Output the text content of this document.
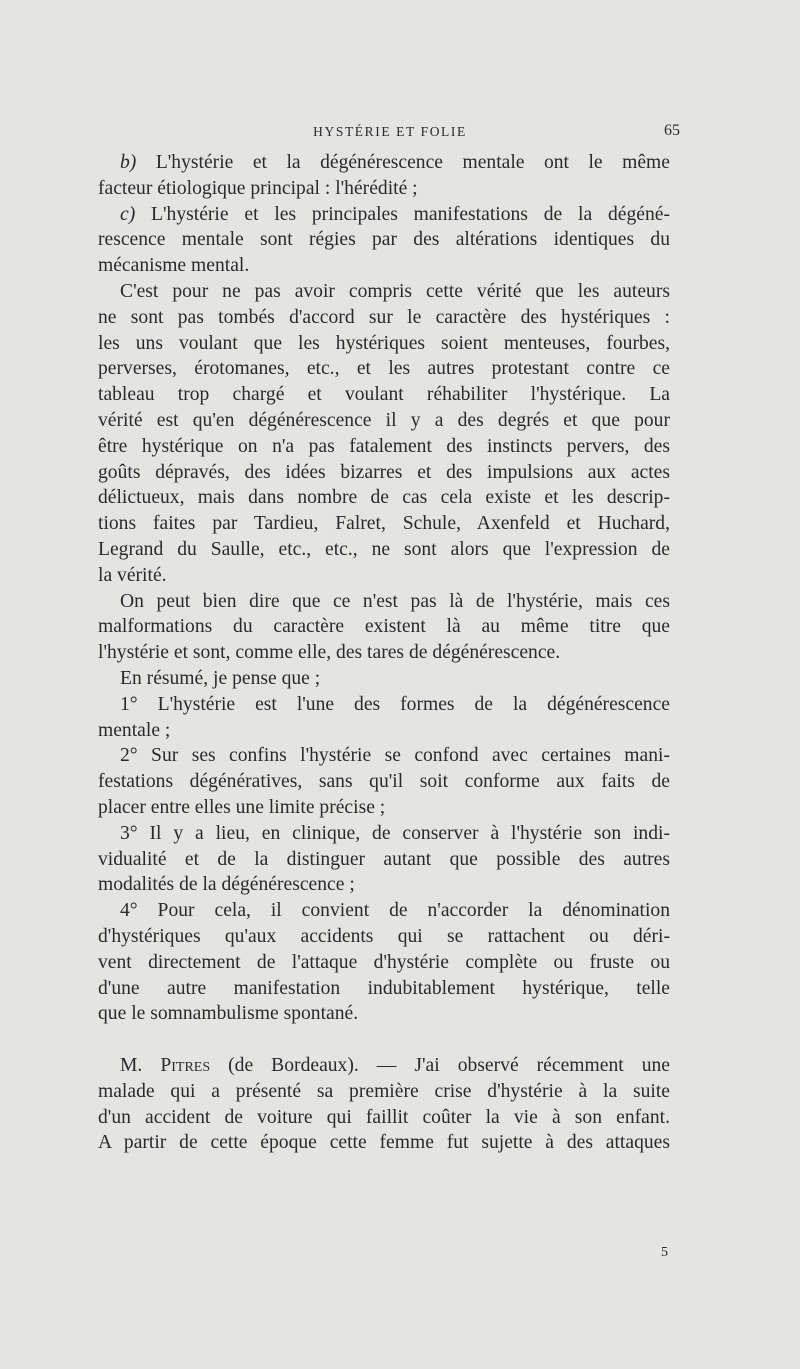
HYSTÉRIE ET FOLIE	65

b) L'hystérie et la dégénérescence mentale ont le même

facteur étiologique principal : l'hérédité ;

c) L'hystérie et les principales manifestations de la dégéné-

rescence mentale sont régies par des altérations identiques du

mécanisme mental.

C'est pour ne pas avoir compris cette vérité que les auteurs

ne sont pas tombés d'accord sur le caractère des hystériques :

les uns voulant que les hystériques soient menteuses, fourbes,

perverses, érotomanes, etc., et les autres protestant contre ce

tableau trop chargé et voulant réhabiliter l'hystérique. La

vérité est qu'en dégénérescence il y a des degrés et que pour

être hystérique on n'a pas fatalement des instincts pervers, des

goûts dépravés, des idées bizarres et des impulsions aux actes

délictueux, mais dans nombre de cas cela existe et les descrip-

tions faites par Tardieu, Falret, Schule, Axenfeld et Huchard,

Legrand du Saulle, etc., etc., ne sont alors que l'expression de

la vérité.

On peut bien dire que ce n'est pas là de l'hystérie, mais ces

malformations du caractère existent là au même titre que

l'hystérie et sont, comme elle, des tares de dégénérescence.

En résumé, je pense que ;

1° L'hystérie est l'une des formes de la dégénérescence

mentale ;

2° Sur ses confins l'hystérie se confond avec certaines mani-

festations dégénératives, sans qu'il soit conforme aux faits de

placer entre elles une limite précise ;

3° Il y a lieu, en clinique, de conserver à l'hystérie son indi-

vidualité et de la distinguer autant que possible des autres

modalités de la dégénérescence ;

4° Pour cela, il convient de n'accorder la dénomination

d'hystériques qu'aux accidents qui se rattachent ou déri-

vent directement de l'attaque d'hystérie complète ou fruste ou

d'une autre manifestation indubitablement hystérique, telle

que le somnambulisme spontané.

M. Pitres (de Bordeaux). — J'ai observé récemment une

malade qui a présenté sa première crise d'hystérie à la suite

d'un accident de voiture qui faillit coûter la vie à son enfant.

A partir de cette époque cette femme fut sujette à des attaques

5
